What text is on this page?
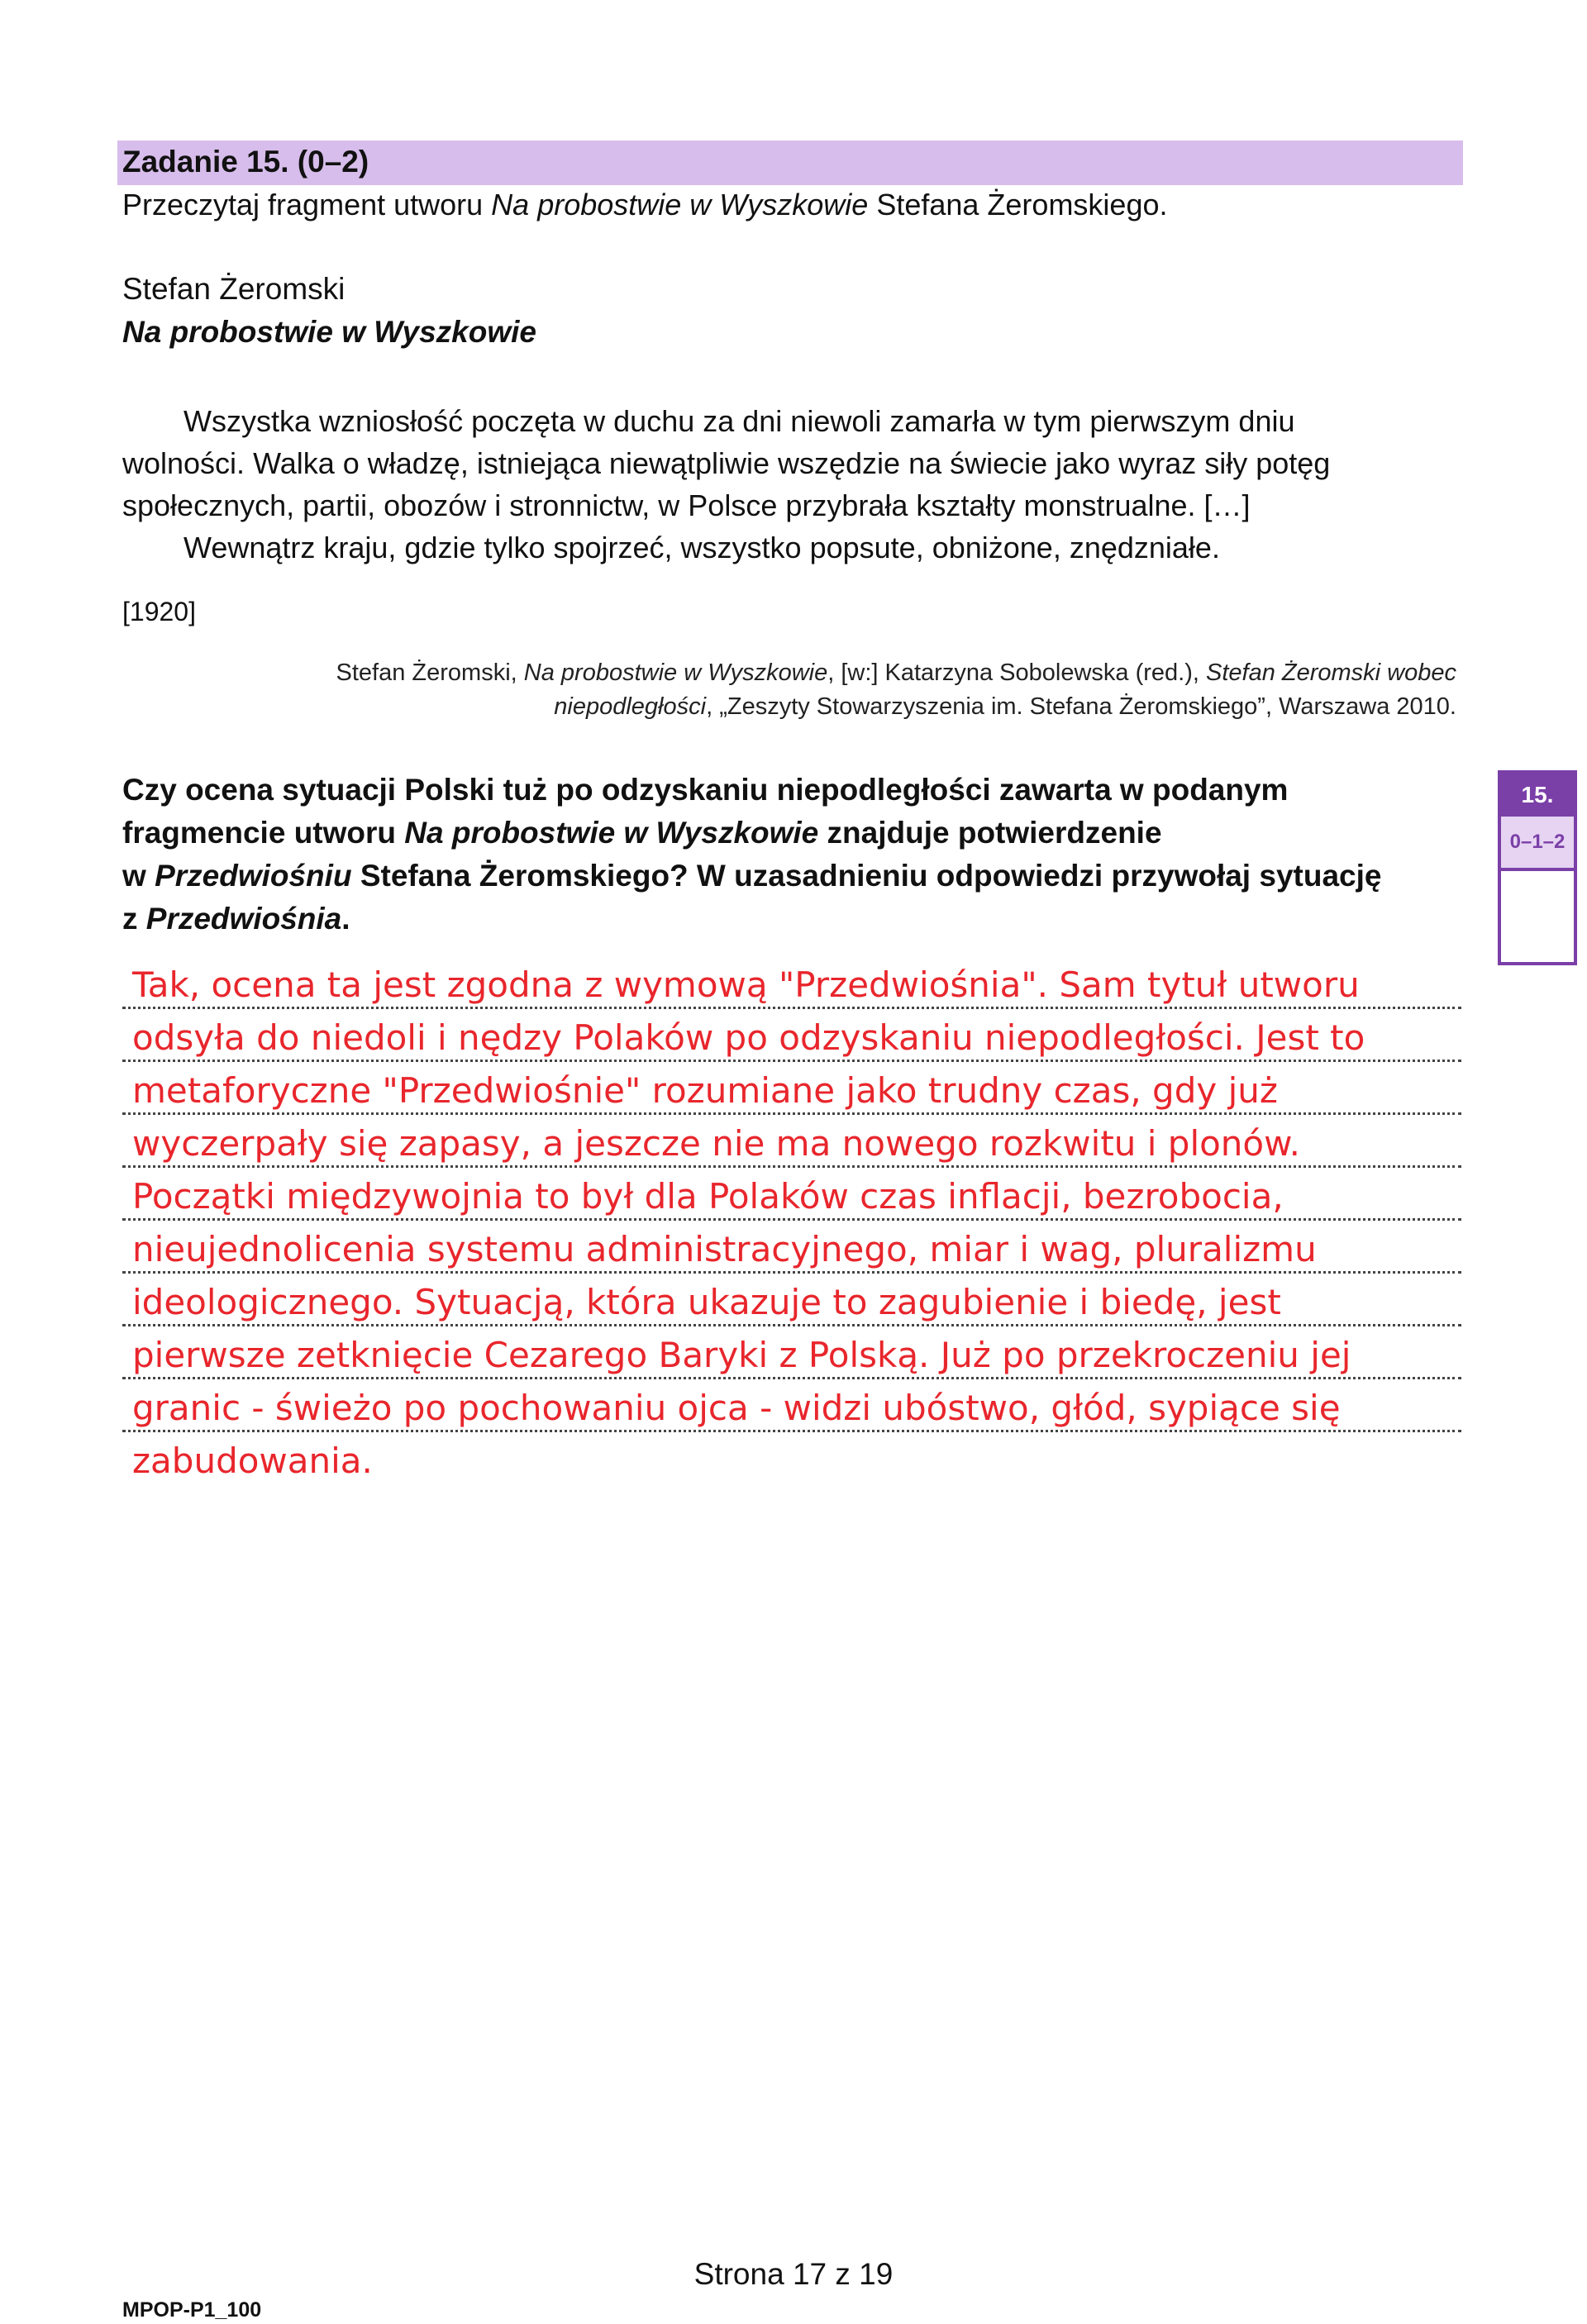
Zadanie 15. (0–2)
Przeczytaj fragment utworu Na probostwie w Wyszkowie Stefana Żeromskiego.
Stefan Żeromski
Na probostwie w Wyszkowie

Wszystka wzniosłość poczęta w duchu za dni niewoli zamarła w tym pierwszym dniu

wolności. Walka o władzę, istniejąca niewątpliwie wszędzie na świecie jako wyraz siły potęg

społecznych, partii, obozów i stronnictw, w Polsce przybrała kształty monstrualne. […]

Wewnątrz kraju, gdzie tylko spojrzeć, wszystko popsute, obniżone, znędzniałe.

[1920]

Stefan Żeromski, Na probostwie w Wyszkowie, [w:] Katarzyna Sobolewska (red.), Stefan Żeromski wobec

niepodległości, „Zeszyty Stowarzyszenia im. Stefana Żeromskiego”, Warszawa 2010.

Czy ocena sytuacji Polski tuż po odzyskaniu niepodległości zawarta w podanym

fragmencie utworu Na probostwie w Wyszkowie znajduje potwierdzenie

w Przedwiośniu Stefana Żeromskiego? W uzasadnieniu odpowiedzi przywołaj sytuację

z Przedwiośnia.

15.
0–1–2
Tak, ocena ta jest zgodna z wymową "Przedwiośnia". Sam tytuł utworu
odsyła do niedoli i nędzy Polaków po odzyskaniu niepodległości. Jest to
metaforyczne "Przedwiośnie" rozumiane jako trudny czas, gdy już
wyczerpały się zapasy, a jeszcze nie ma nowego rozkwitu i plonów.
Początki międzywojnia to był dla Polaków czas inflacji, bezrobocia,
nieujednolicenia systemu administracyjnego, miar i wag, pluralizmu
ideologicznego. Sytuacją, która ukazuje to zagubienie i biedę, jest
pierwsze zetknięcie Cezarego Baryki z Polską. Już po przekroczeniu jej
granic - świeżo po pochowaniu ojca - widzi ubóstwo, głód, sypiące się
zabudowania.
Strona 17 z 19
MPOP-P1_100
